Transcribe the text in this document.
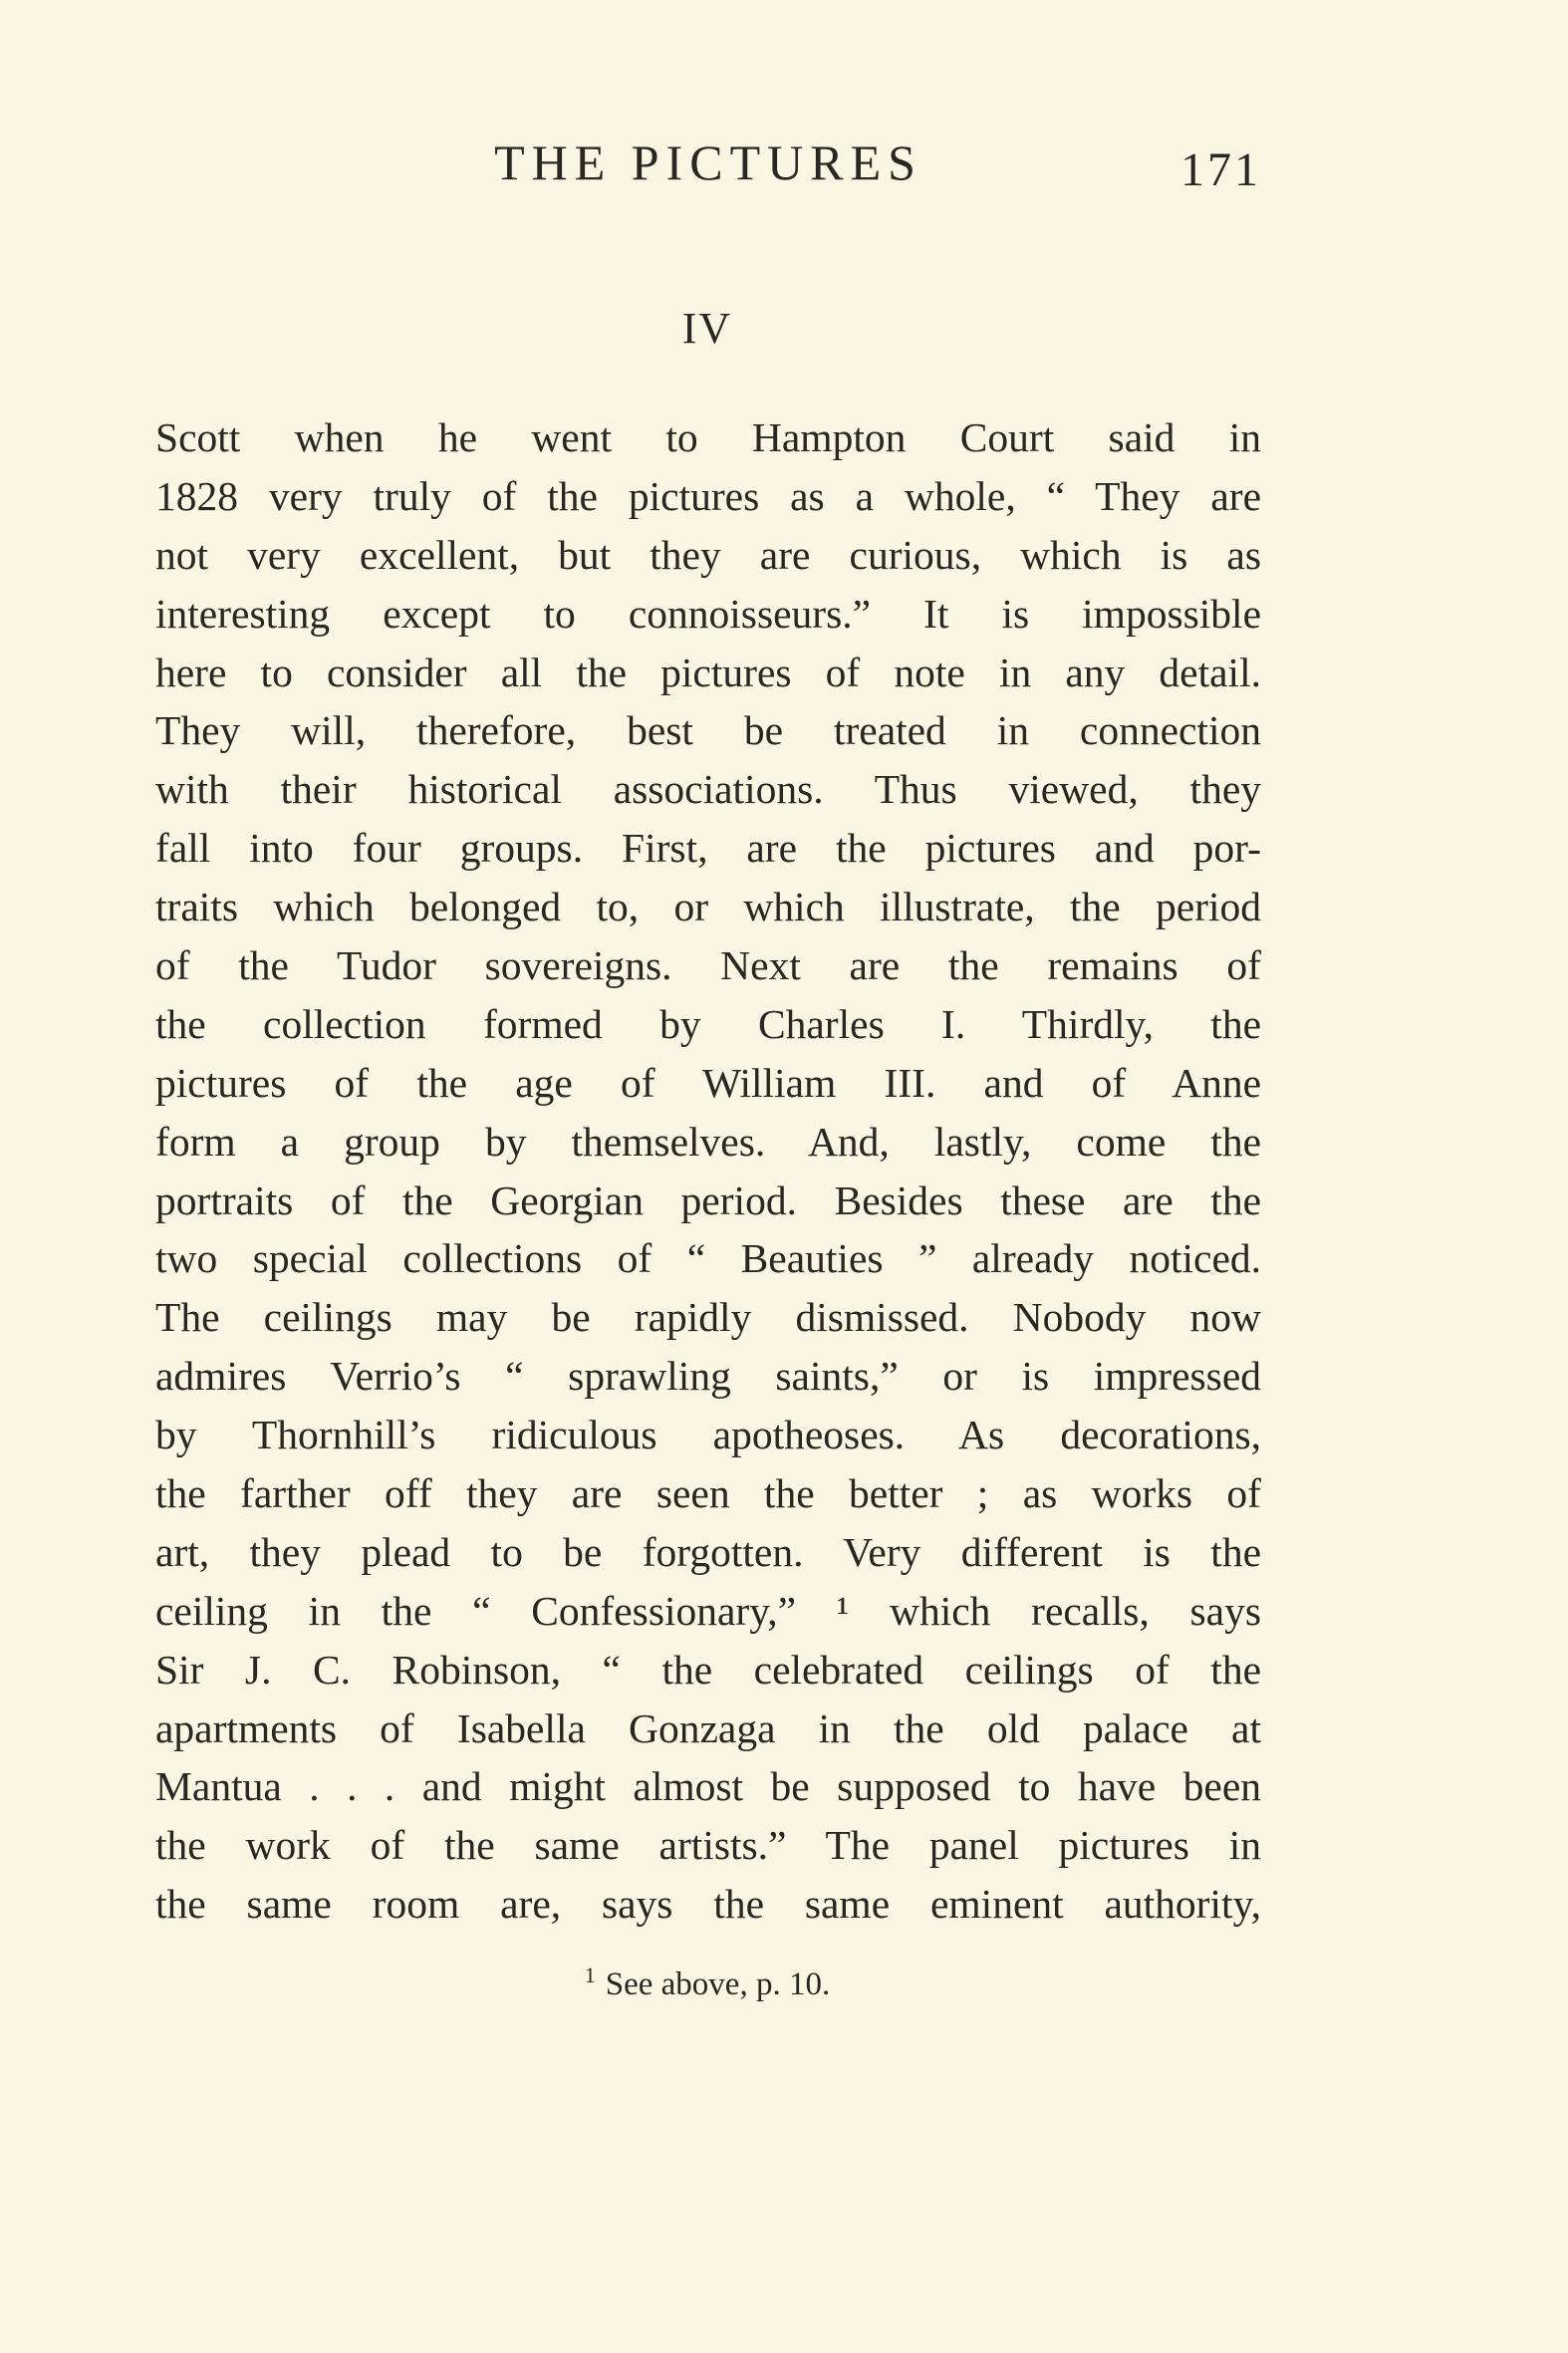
THE PICTURES	171
IV
Scott when he went to Hampton Court said in
1828 very truly of the pictures as a whole, “ They are
not very excellent, but they are curious, which is as
interesting except to connoisseurs.” It is impossible
here to consider all the pictures of note in any detail.
They will, therefore, best be treated in connection
with their historical associations. Thus viewed, they
fall into four groups. First, are the pictures and por-
traits which belonged to, or which illustrate, the period
of the Tudor sovereigns. Next are the remains of
the collection formed by Charles I. Thirdly, the
pictures of the age of William III. and of Anne
form a group by themselves. And, lastly, come the
portraits of the Georgian period. Besides these are the
two special collections of “ Beauties ” already noticed.
The ceilings may be rapidly dismissed. Nobody now
admires Verrio’s “ sprawling saints,” or is impressed
by Thornhill’s ridiculous apotheoses. As decorations,
the farther off they are seen the better ; as works of
art, they plead to be forgotten. Very different is the
ceiling in the “ Confessionary,” ¹ which recalls, says
Sir J. C. Robinson, “ the celebrated ceilings of the
apartments of Isabella Gonzaga in the old palace at
Mantua . . . and might almost be supposed to have been
the work of the same artists.” The panel pictures in
the same room are, says the same eminent authority,
$^1$ See above, p. 10.
